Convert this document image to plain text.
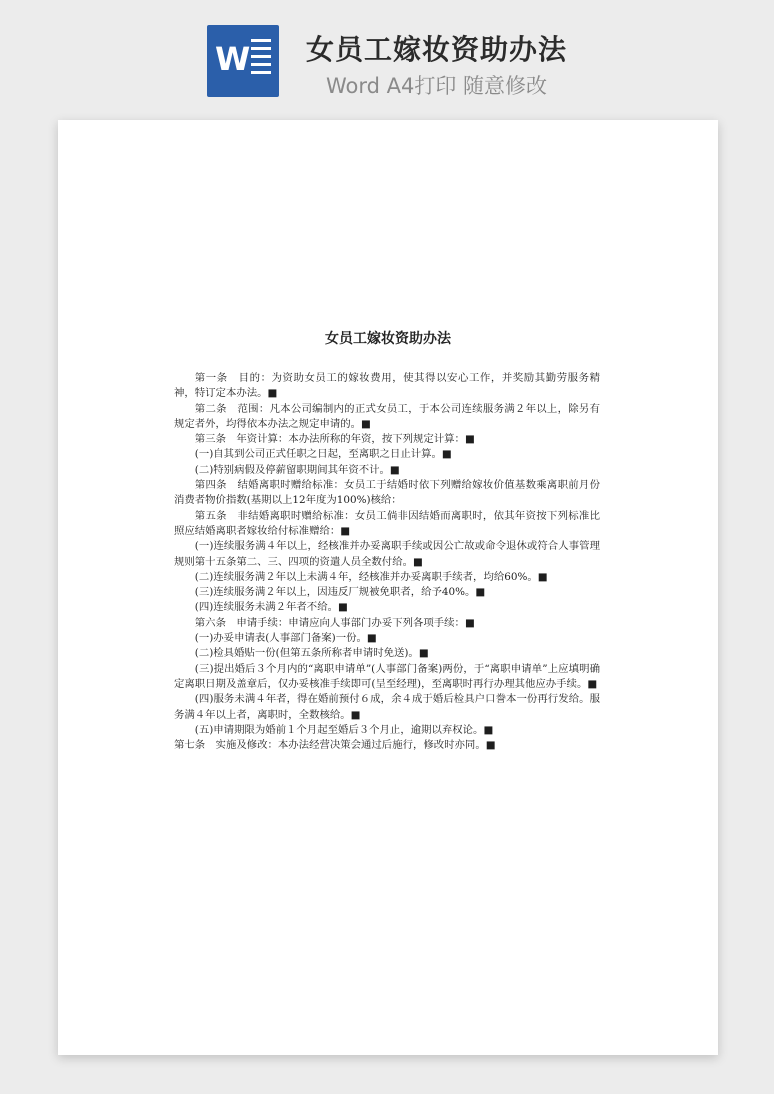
W 女员工嫁妆资助办法
Word A4打印 随意修改
女员工嫁妆资助办法

第一条　目的：为资助女员工的嫁妆费用，使其得以安心工作，并奖励其勤劳服务精神，特订定本办法。■

第二条　范围：凡本公司编制内的正式女员工，于本公司连续服务满２年以上，除另有规定者外，均得依本办法之规定申请的。■

第三条　年资计算：本办法所称的年资，按下列规定计算：■

(一)自其到公司正式任职之日起，至离职之日止计算。■

(二)特别病假及停薪留职期间其年资不计。■

第四条　结婚离职时赠给标准：女员工于结婚时依下列赠给嫁妆价值基数乘离职前月份消费者物价指数(基期以上12年度为100%)核给：

第五条　非结婚离职时赠给标准：女员工倘非因结婚而离职时，依其年资按下列标准比照应结婚离职者嫁妆给付标准赠给：■

(一)连续服务满４年以上，经核准并办妥离职手续或因公亡故或命令退休或符合人事管理规则第十五条第二、三、四项的资遣人员全数付给。■

(二)连续服务满２年以上未满４年，经核准并办妥离职手续者，均给60%。■

(三)连续服务满２年以上，因违反厂规被免职者，给予40%。■

(四)连续服务未满２年者不给。■

第六条　申请手续：申请应向人事部门办妥下列各项手续：■

(一)办妥申请表(人事部门备案)一份。■

(二)检具婚贴一份(但第五条所称者申请时免送)。■

(三)提出婚后３个月内的“离职申请单”(人事部门备案)两份，于“离职申请单”上应填明确定离职日期及盖章后，仅办妥核准手续即可(呈至经理)，至离职时再行办理其他应办手续。■

(四)服务未满４年者，得在婚前预付６成，余４成于婚后检具户口誊本一份再行发给。服务满４年以上者，离职时，全数核给。■

(五)申请期限为婚前１个月起至婚后３个月止，逾期以弃权论。■

第七条　实施及修改：本办法经营决策会通过后施行，修改时亦同。■
